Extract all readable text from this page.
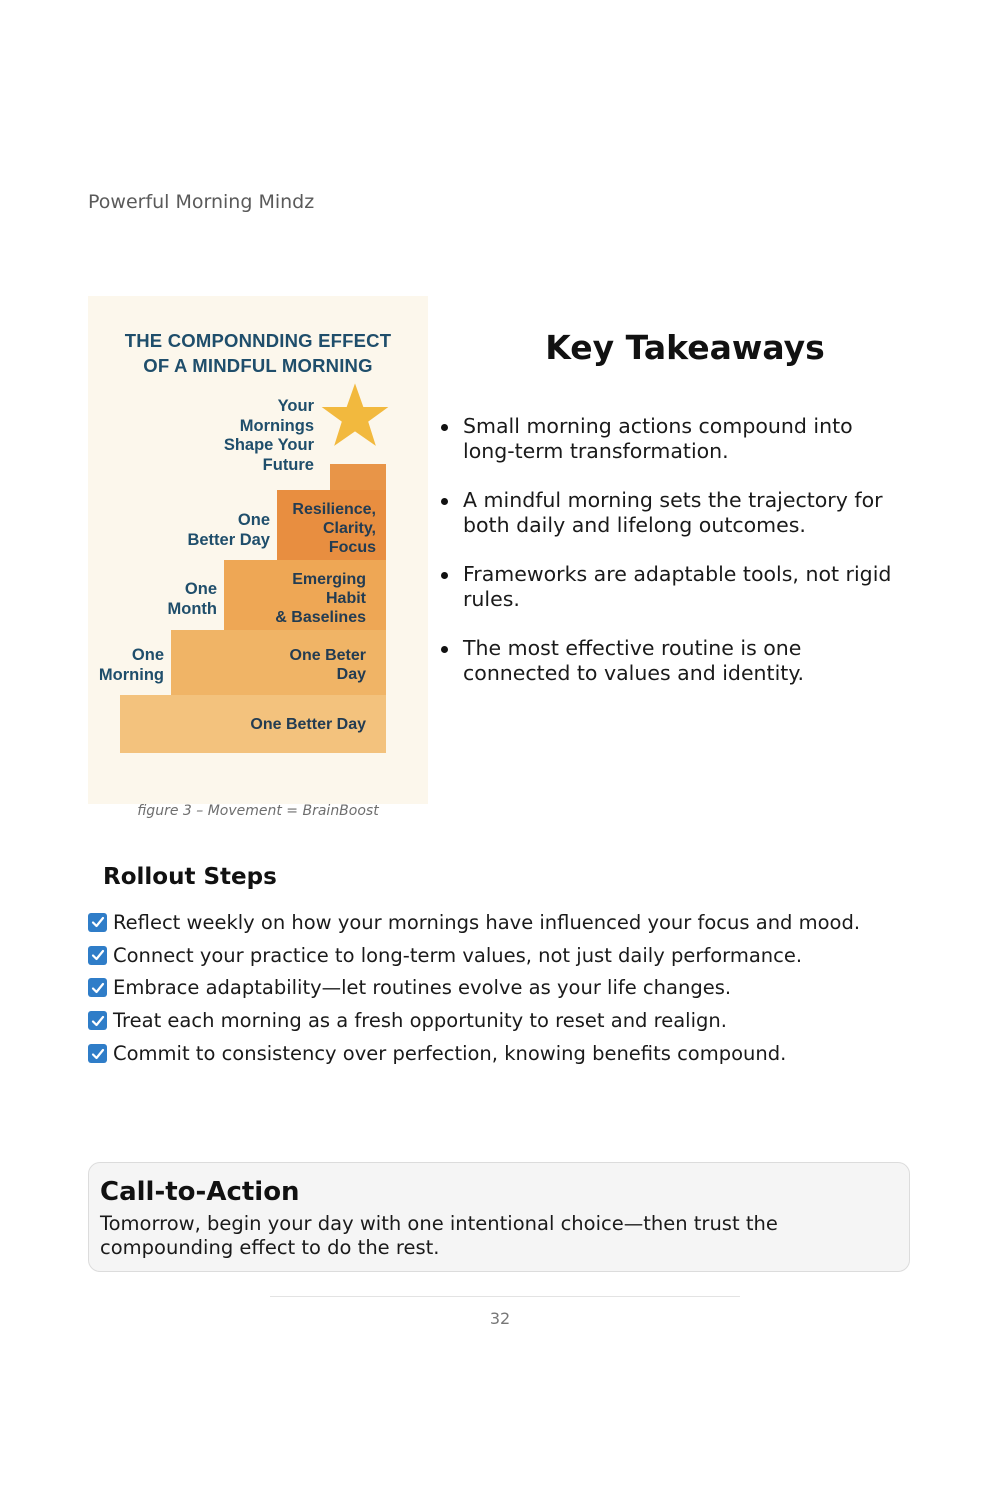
Powerful Morning Mindz
THE COMPONNDING EFFECT
OF A MINDFUL MORNING
One Better Day
One Beter
Day
Emerging
Habit
& Baselines
Resilience,
Clarity,
Focus
One
Morning
One
Month
One
Better Day
Your
Mornings
Shape Your
Future
figure 3 – Movement = BrainBoost
Key Takeaways
Small morning actions compound into long-term transformation.
A mindful morning sets the trajectory for both daily and lifelong outcomes.
Frameworks are adaptable tools, not rigid rules.
The most effective routine is one connected to values and identity.
Rollout Steps
Reflect weekly on how your mornings have influenced your focus and mood.
Connect your practice to long-term values, not just daily performance.
Embrace adaptability—let routines evolve as your life changes.
Treat each morning as a fresh opportunity to reset and realign.
Commit to consistency over perfection, knowing benefits compound.
Call-to-Action
Tomorrow, begin your day with one intentional choice—then trust the compounding effect to do the rest.
32
